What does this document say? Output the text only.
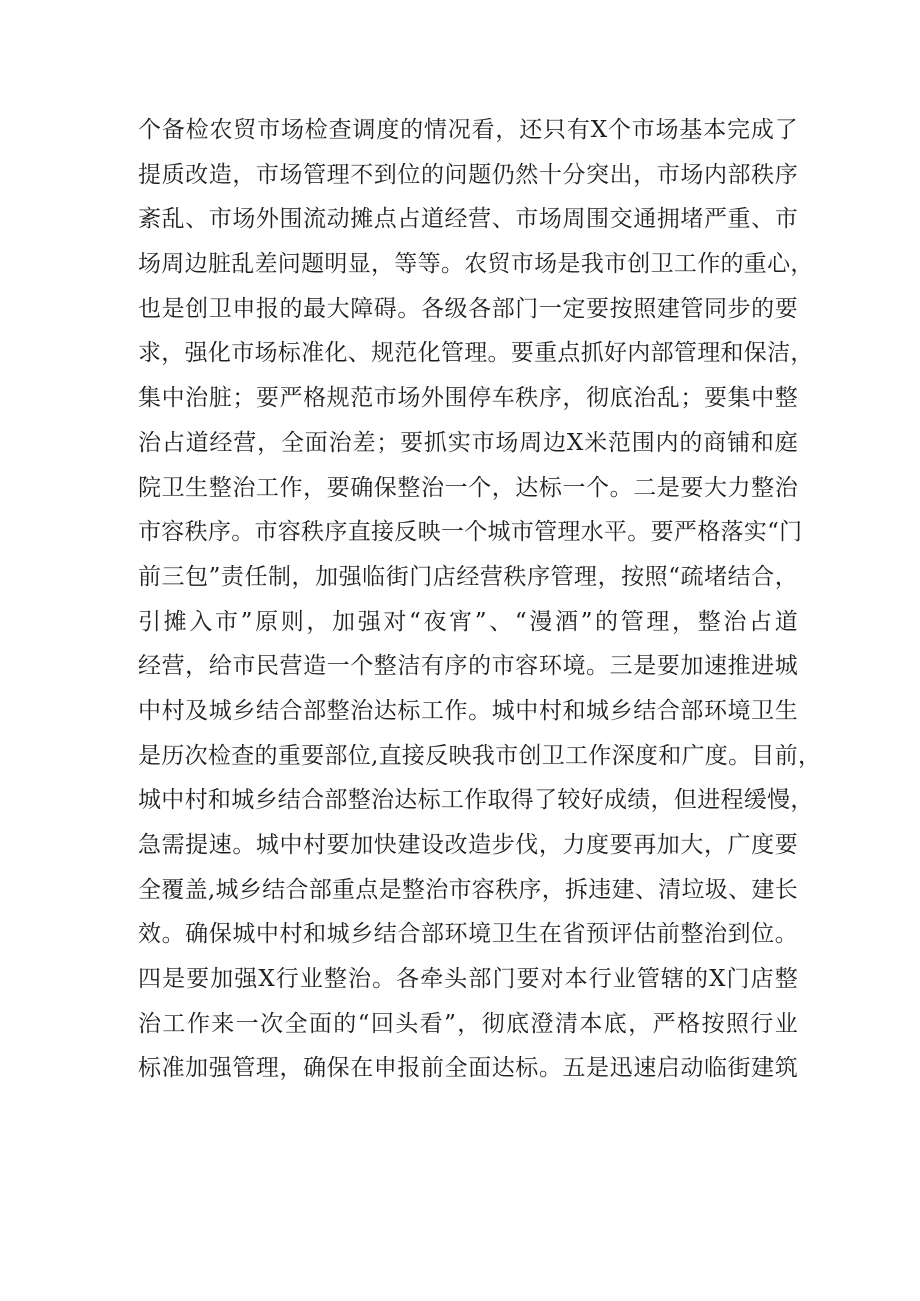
个备检农贸市场检查调度的情况看，还只有X个市场基本完成了
提质改造，市场管理不到位的问题仍然十分突出，市场内部秩序
紊乱、市场外围流动摊点占道经营、市场周围交通拥堵严重、市
场周边脏乱差问题明显，等等。农贸市场是我市创卫工作的重心，
也是创卫申报的最大障碍。各级各部门一定要按照建管同步的要
求，强化市场标准化、规范化管理。要重点抓好内部管理和保洁，
集中治脏；要严格规范市场外围停车秩序，彻底治乱；要集中整
治占道经营，全面治差；要抓实市场周边X米范围内的商铺和庭
院卫生整治工作，要确保整治一个，达标一个。二是要大力整治
市容秩序。市容秩序直接反映一个城市管理水平。要严格落实“门
前三包”责任制，加强临街门店经营秩序管理，按照“疏堵结合，
引摊入市”原则，加强对“夜宵”、“漫酒”的管理，整治占道
经营，给市民营造一个整洁有序的市容环境。三是要加速推进城
中村及城乡结合部整治达标工作。城中村和城乡结合部环境卫生
是历次检查的重要部位,直接反映我市创卫工作深度和广度。目前，
城中村和城乡结合部整治达标工作取得了较好成绩，但进程缓慢，
急需提速。城中村要加快建设改造步伐，力度要再加大，广度要
全覆盖,城乡结合部重点是整治市容秩序，拆违建、清垃圾、建长
效。确保城中村和城乡结合部环境卫生在省预评估前整治到位。
四是要加强X行业整治。各牵头部门要对本行业管辖的X门店整
治工作来一次全面的“回头看”，彻底澄清本底，严格按照行业
标准加强管理，确保在申报前全面达标。五是迅速启动临街建筑
